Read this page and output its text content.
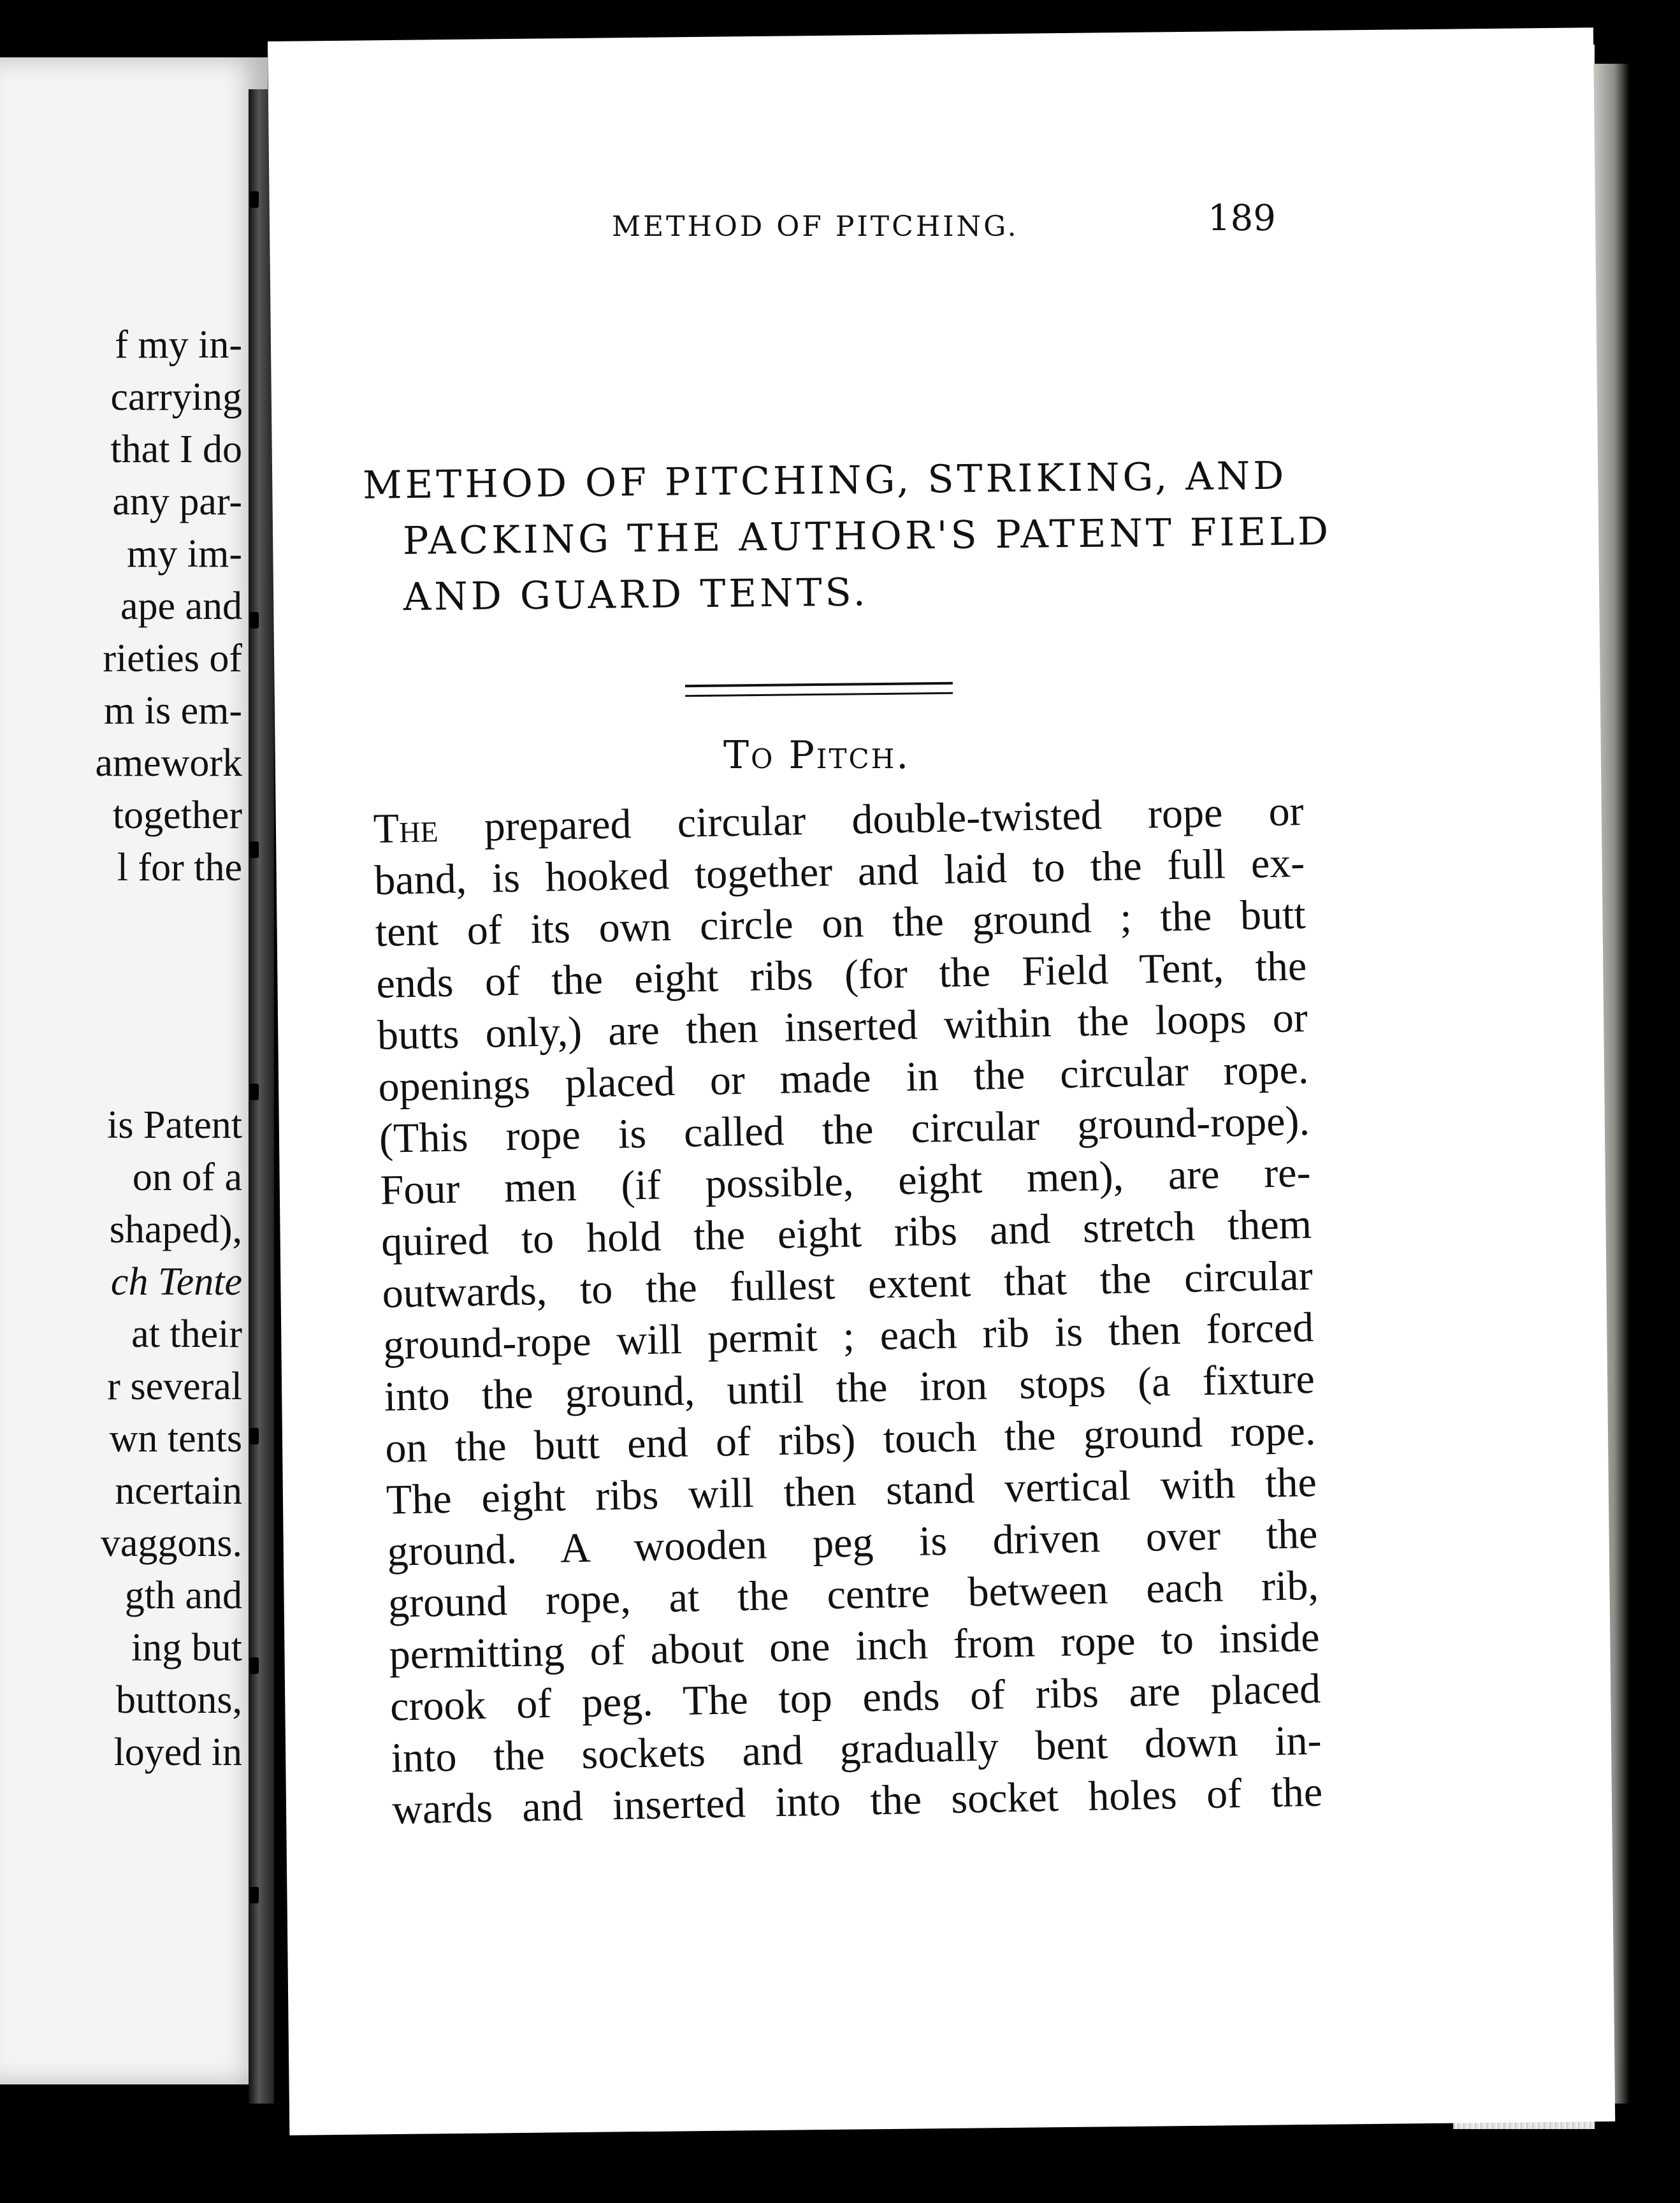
f my in-
carrying
that I do
any par-
my im-
ape and
rieties of
m is em-
amework
together
l for the
is Patent
on of a
shaped),
ch Tente
at their
r several
wn tents
ncertain
vaggons.
gth and
ing but
buttons,
loyed in
METHOD OF PITCHING.	189
METHOD OF PITCHING, STRIKING, AND
PACKING THE AUTHOR'S PATENT FIELD
AND GUARD TENTS.
To Pitch.
The prepared circular double-twisted rope or
band, is hooked together and laid to the full ex-
tent of its own circle on the ground ; the butt
ends of the eight ribs (for the Field Tent, the
butts only,) are then inserted within the loops or
openings placed or made in the circular rope.
(This rope is called the circular ground-rope).
Four men (if possible, eight men), are re-
quired to hold the eight ribs and stretch them
outwards, to the fullest extent that the circular
ground-rope will permit ; each rib is then forced
into the ground, until the iron stops (a fixture
on the butt end of ribs) touch the ground rope.
The eight ribs will then stand vertical with the
ground. A wooden peg is driven over the
ground rope, at the centre between each rib,
permitting of about one inch from rope to inside
crook of peg. The top ends of ribs are placed
into the sockets and gradually bent down in-
wards and inserted into the socket holes of the
